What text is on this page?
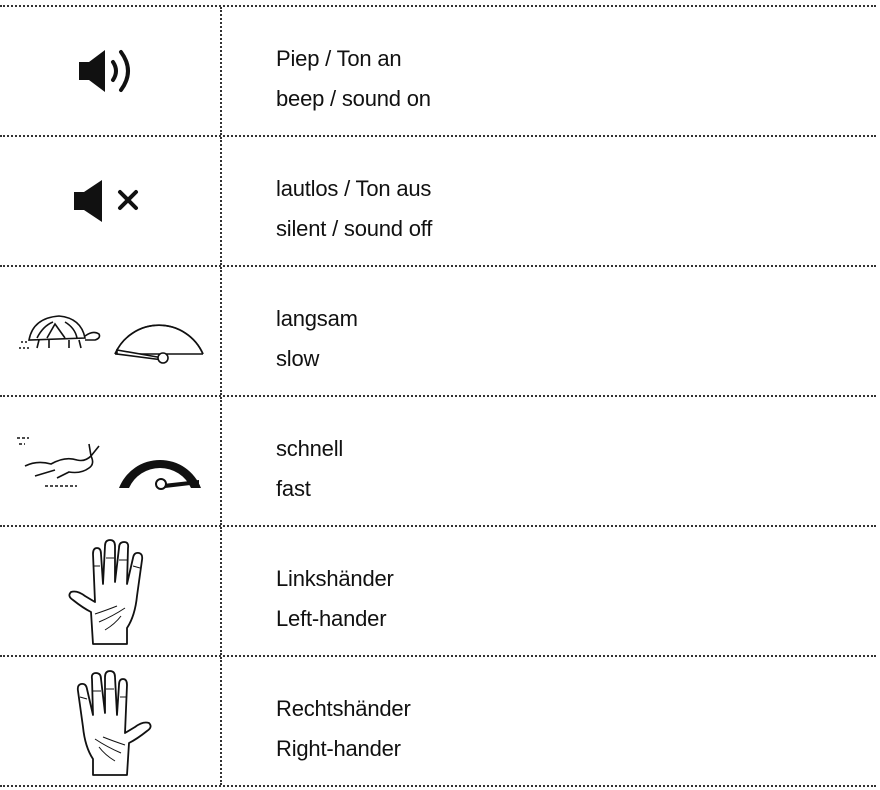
Piep / Ton an
beep / sound on
lautlos / Ton aus
silent / sound off
langsam
slow
schnell
fast
Linkshänder
Left-hander
Rechtshänder
Right-hander
